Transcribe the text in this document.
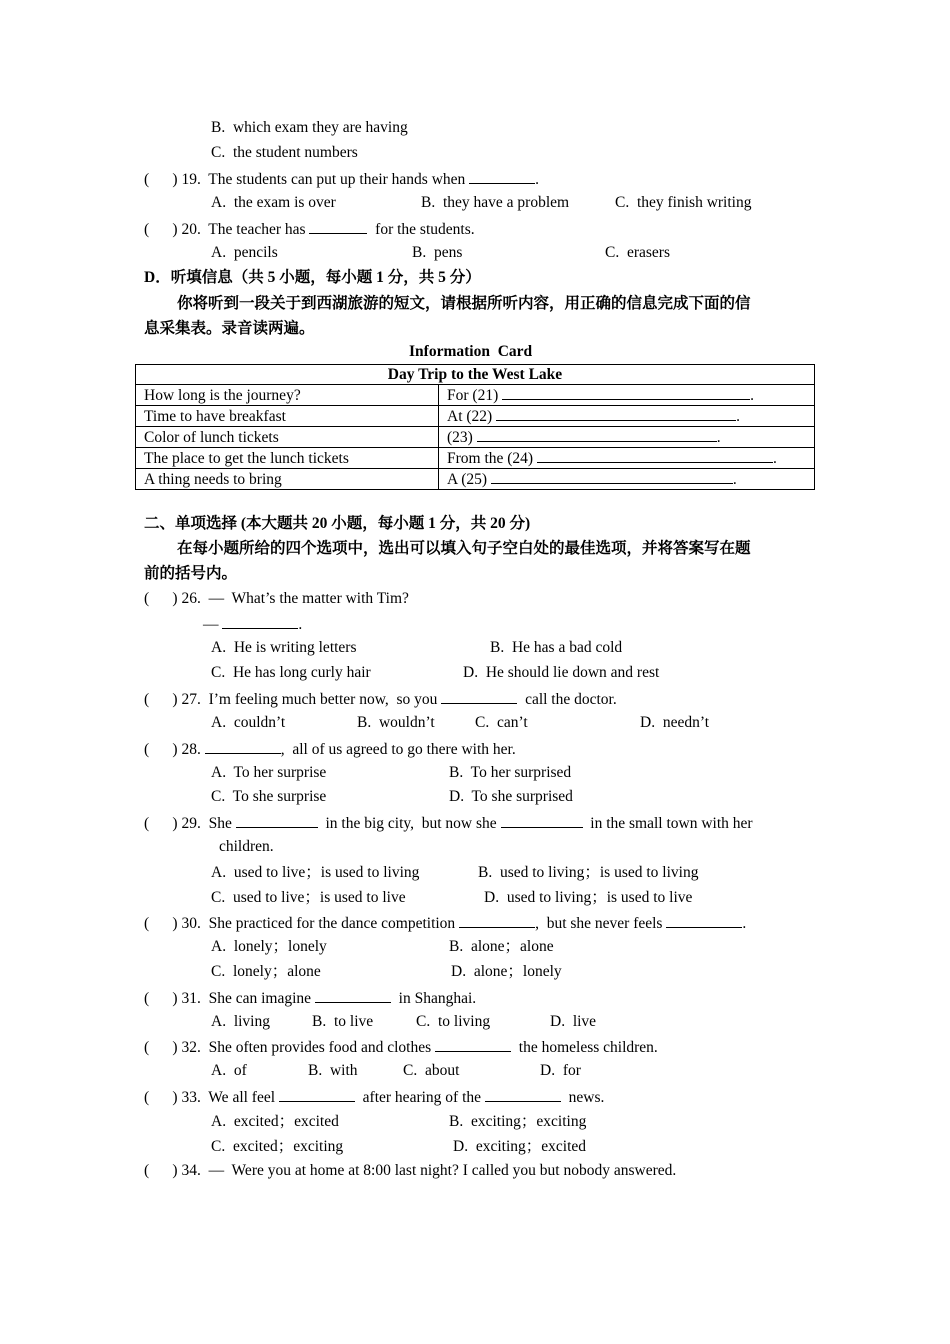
B.  which exam they are having
C.  the student numbers
(      ) 19.  The students can put up their hands when	.
A.  the exam is over	B.  they have a problem	C.  they finish writing
(      ) 20.  The teacher has	for the students.
A.  pencils	B.  pens	C.  erasers
D．听填信息（共 5 小题，每小题 1 分，共 5 分）
你将听到一段关于到西湖旅游的短文，请根据所听内容，用正确的信息完成下面的信
息采集表。录音读两遍。
Information  Card
Day Trip to the West Lake	
How long is the journey?	For (21) .
Time to have breakfast	At (22) .
Color of lunch tickets	(23) .
The place to get the lunch tickets	From the (24) .
A thing needs to bring	A (25) .
二、单项选择 (本大题共 20 小题，每小题 1 分，共 20 分)
在每小题所给的四个选项中，选出可以填入句子空白处的最佳选项，并将答案写在题
前的括号内。
(      ) 26.  —  What’s the matter with Tim?
—	.
A.  He is writing letters	B.  He has a bad cold
C.  He has long curly hair	D.  He should lie down and rest
(      ) 27.  I’m feeling much better now,  so you	call the doctor.
A.  couldn’t	B.  wouldn’t	C.  can’t	D.  needn’t
(      ) 28.	,  all of us agreed to go there with her.
A.  To her surprise	B.  To her surprised
C.  To she surprise	D.  To she surprised
(      ) 29.  She	in the big city,  but now she	in the small town with her
children.
A.  used to live；is used to living	B.  used to living；is used to living
C.  used to live；is used to live	D.  used to living；is used to live
(      ) 30.  She practiced for the dance competition	,  but she never feels	.
A.  lonely；lonely	B.  alone；alone
C.  lonely；alone	D.  alone；lonely
(      ) 31.  She can imagine	in Shanghai.
A.  living	B.  to live	C.  to living	D.  live
(      ) 32.  She often provides food and clothes	the homeless children.
A.  of	B.  with	C.  about	D.  for
(      ) 33.  We all feel	after hearing of the	news.
A.  excited；excited	B.  exciting；exciting
C.  excited；exciting	D.  exciting；excited
(      ) 34.  —  Were you at home at 8:00 last night? I called you but nobody answered.
